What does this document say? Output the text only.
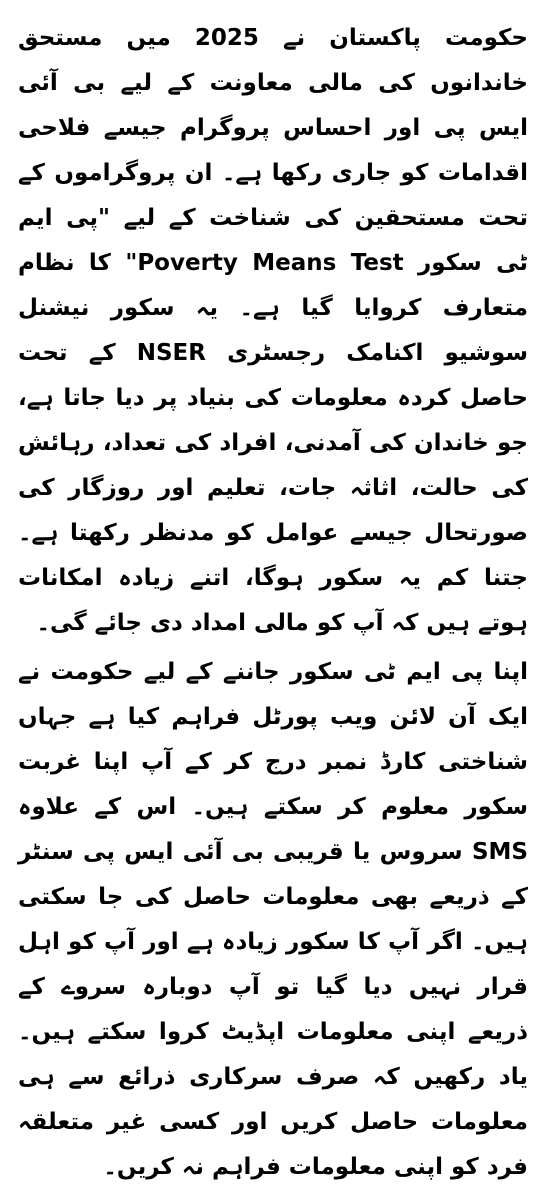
حکومت پاکستان نے 2025 میں مستحق خاندانوں کی مالی معاونت کے لیے بی آئی ایس پی اور احساس پروگرام جیسے فلاحی اقدامات کو جاری رکھا ہے۔ ان پروگراموں کے تحت مستحقین کی شناخت کے لیے "پی ایم ٹی سکور Poverty Means Test" کا نظام متعارف کروایا گیا ہے۔ یہ سکور نیشنل سوشیو اکنامک رجسٹری NSER کے تحت حاصل کردہ معلومات کی بنیاد پر دیا جاتا ہے، جو خاندان کی آمدنی، افراد کی تعداد، رہائش کی حالت، اثاثہ جات، تعلیم اور روزگار کی صورتحال جیسے عوامل کو مدنظر رکھتا ہے۔ جتنا کم یہ سکور ہوگا، اتنے زیادہ امکانات ہوتے ہیں کہ آپ کو مالی امداد دی جائے گی۔

اپنا پی ایم ٹی سکور جاننے کے لیے حکومت نے ایک آن لائن ویب پورٹل فراہم کیا ہے جہاں شناختی کارڈ نمبر درج کر کے آپ اپنا غربت سکور معلوم کر سکتے ہیں۔ اس کے علاوہ SMS سروس یا قریبی بی آئی ایس پی سنٹر کے ذریعے بھی معلومات حاصل کی جا سکتی ہیں۔ اگر آپ کا سکور زیادہ ہے اور آپ کو اہل قرار نہیں دیا گیا تو آپ دوبارہ سروے کے ذریعے اپنی معلومات اپڈیٹ کروا سکتے ہیں۔ یاد رکھیں کہ صرف سرکاری ذرائع سے ہی معلومات حاصل کریں اور کسی غیر متعلقہ فرد کو اپنی معلومات فراہم نہ کریں۔
